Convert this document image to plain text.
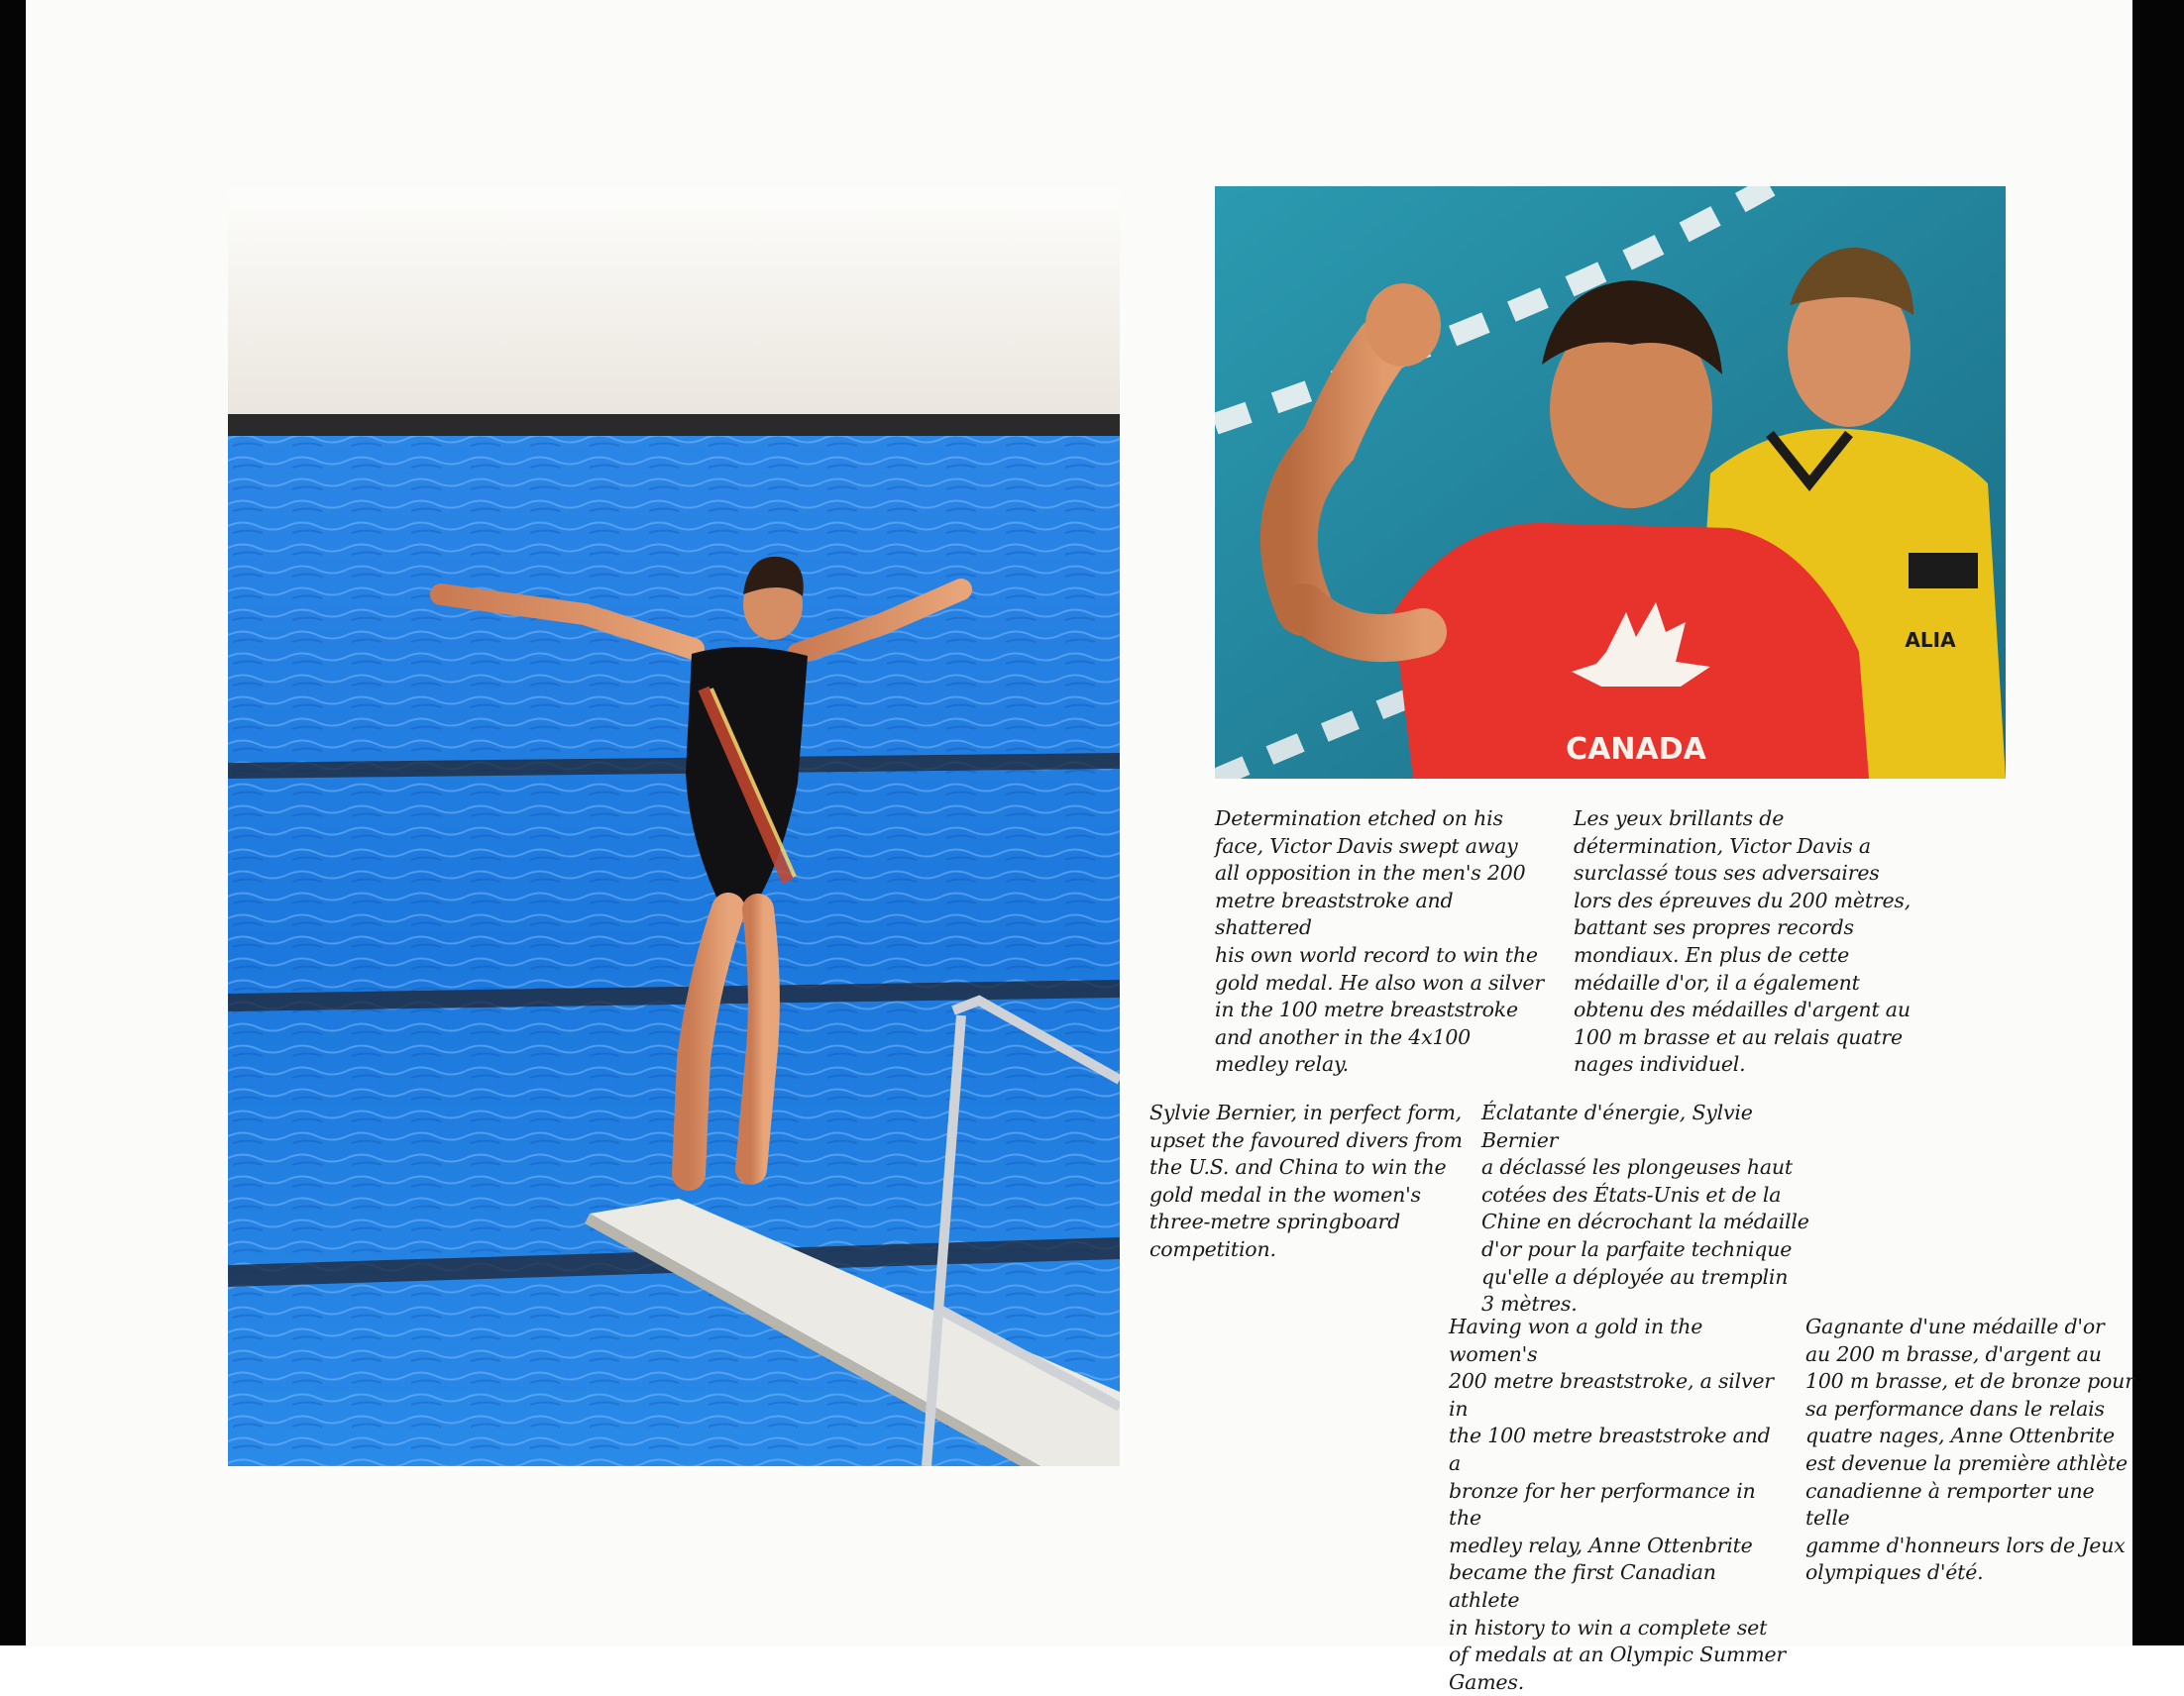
CANADA
ALIA
Determination etched on his
face, Victor Davis swept away
all opposition in the men's 200
metre breaststroke and shattered
his own world record to win the
gold medal. He also won a silver
in the 100 metre breaststroke
and another in the 4x100
medley relay.
Les yeux brillants de
détermination, Victor Davis a
surclassé tous ses adversaires
lors des épreuves du 200 mètres,
battant ses propres records
mondiaux. En plus de cette
médaille d'or, il a également
obtenu des médailles d'argent au
100 m brasse et au relais quatre
nages individuel.
Sylvie Bernier, in perfect form,
upset the favoured divers from
the U.S. and China to win the
gold medal in the women's
three-metre springboard
competition.
Éclatante d'énergie, Sylvie Bernier
a déclassé les plongeuses haut
cotées des États-Unis et de la
Chine en décrochant la médaille
d'or pour la parfaite technique
qu'elle a déployée au tremplin
3 mètres.
Having won a gold in the women's
200 metre breaststroke, a silver in
the 100 metre breaststroke and a
bronze for her performance in the
medley relay, Anne Ottenbrite
became the first Canadian athlete
in history to win a complete set
of medals at an Olympic Summer
Games.
Gagnante d'une médaille d'or
au 200 m brasse, d'argent au
100 m brasse, et de bronze pour
sa performance dans le relais
quatre nages, Anne Ottenbrite
est devenue la première athlète
canadienne à remporter une telle
gamme d'honneurs lors de Jeux
olympiques d'été.
